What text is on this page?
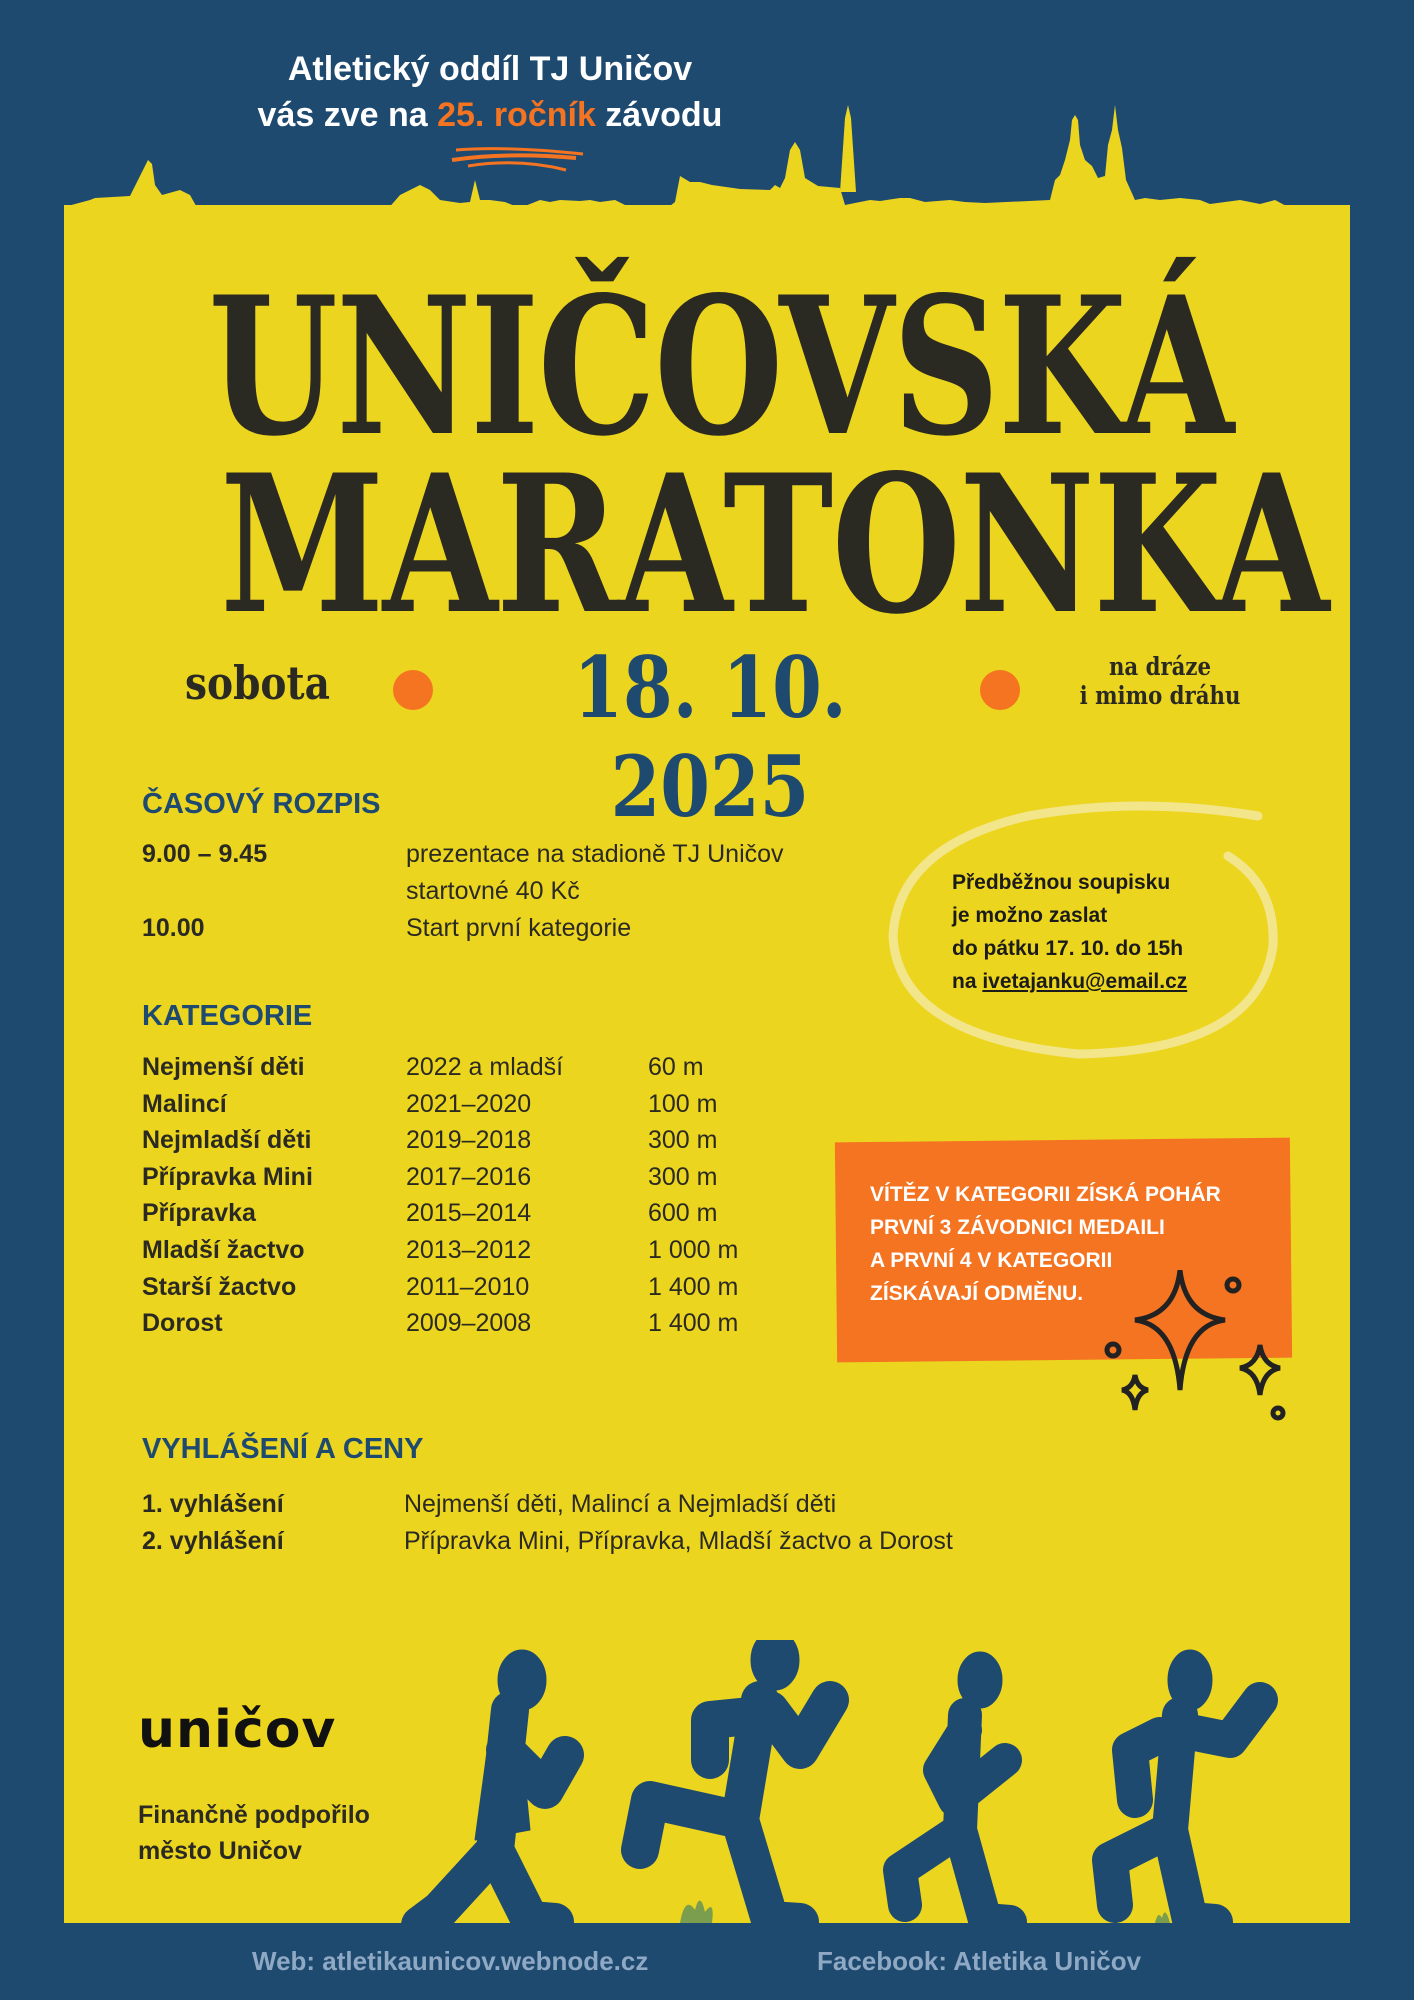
Atletický oddíl TJ Uničov
vás zve na 25. ročník závodu
UNIČOVSKÁ
MARATONKA
sobota	18. 10. 2025
na dráze
i mimo dráhu
ČASOVÝ ROZPIS
Předběžnou soupisku
je možno zaslat
do pátku 17. 10. do 15h
na ivetajanku@email.cz
KATEGORIE
VÍTĚZ V KATEGORII ZÍSKÁ POHÁR
PRVNÍ 3 ZÁVODNICI MEDAILI
A PRVNÍ 4 V KATEGORII
ZÍSKÁVAJÍ ODMĚNU.
VYHLÁŠENÍ A CENY
uničov
Finančně podpořilo
město Uničov
Web: atletikaunicov.webnode.cz	Facebook: Atletika Uničov
9.00 – 9.45	prezentace na stadioně TJ Uničov
startovné 40 Kč
10.00	Start první kategorie
Nejmenší děti	2022 a mladší	60 m
Malincí	2021–2020	100 m
Nejmladší děti	2019–2018	300 m
Přípravka Mini	2017–2016	300 m
Přípravka	2015–2014	600 m
Mladší žactvo	2013–2012	1 000 m
Starší žactvo	2011–2010	1 400 m
Dorost	2009–2008	1 400 m
1. vyhlášení	Nejmenší děti, Malincí a Nejmladší děti
2. vyhlášení	Přípravka Mini, Přípravka, Mladší žactvo a Dorost
